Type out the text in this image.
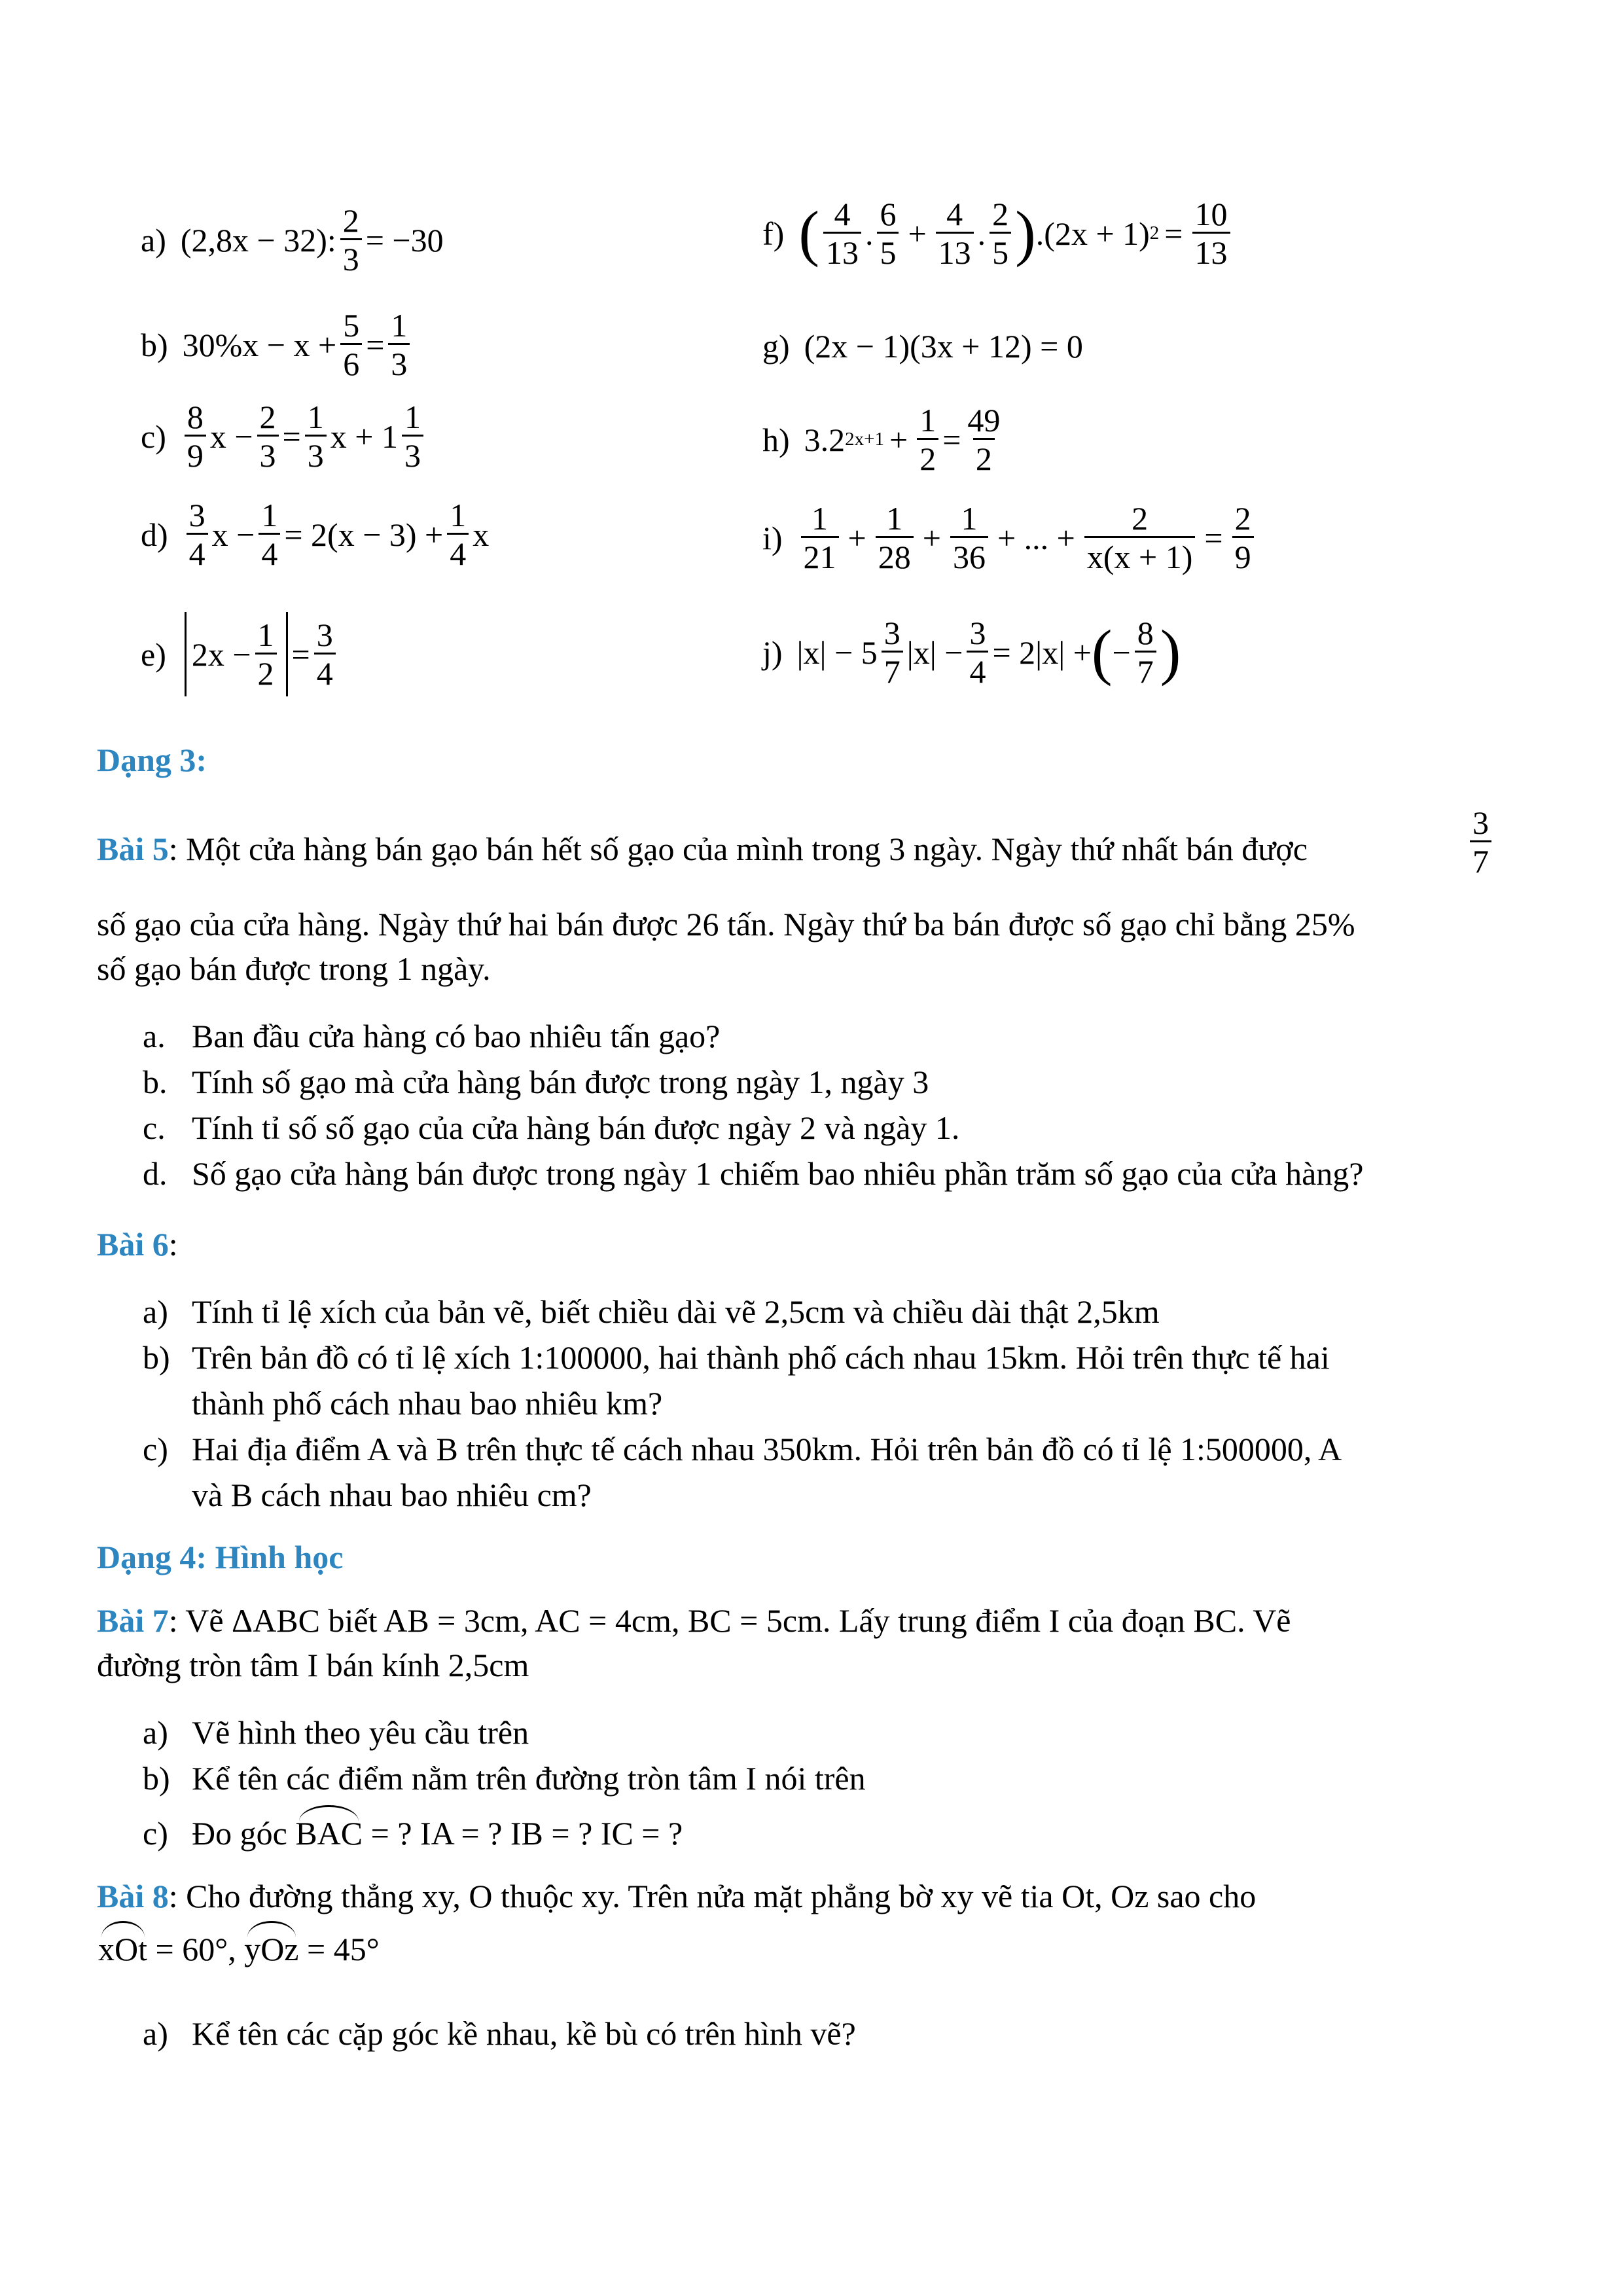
a) (2,8x − 32): $\frac{2}{3} = -30$
b) $30\%x - x + \frac{5}{6} = \frac{1}{3}$
$c) \frac{8}{9}$ $x - \frac{2}{3} = \frac{1}{3}$ $x + 1 \frac{1}{3}$
$d) \frac{3}{4}$ $x - \frac{1}{4} = 2(x - 3) + \frac{1}{4}$ x
e) $2x - \frac{1}{2} = \frac{3}{4}$
f) ( $\frac{4}{13}$ . $\frac{6}{5} + \frac{4}{13}$ . $\frac{2}{5}$ ) .(2x + 1) $2 = \frac{10}{13}$
g) (2x − 1)(3x + 12) = 0
h) 3.2 $2x+1 + \frac{1}{2} = \frac{49}{2}$
$i) \frac{1}{21} + \frac{1}{28} + \frac{1}{36}$ + ... + $\frac{2}{x(x + 1)} = \frac{2}{9}$
j) $|x| - 5 \frac{3}{7} |x| - \frac{3}{4} = 2|x|$ + ( − $\frac{8}{7}$ )
Dạng 3:
Bài 5: Một cửa hàng bán gạo bán hết số gạo của mình trong 3 ngày. Ngày thứ nhất bán được	$\frac{3}{7}$
số gạo của cửa hàng. Ngày thứ hai bán được 26 tấn. Ngày thứ ba bán được số gạo chỉ bằng 25%
số gạo bán được trong 1 ngày.
a. Ban đầu cửa hàng có bao nhiêu tấn gạo?
b. Tính số gạo mà cửa hàng bán được trong ngày 1, ngày 3
c. Tính tỉ số số gạo của cửa hàng bán được ngày 2 và ngày 1.
d. Số gạo cửa hàng bán được trong ngày 1 chiếm bao nhiêu phần trăm số gạo của cửa hàng?
Bài 6:
a) Tính tỉ lệ xích của bản vẽ, biết chiều dài vẽ 2,5cm và chiều dài thật 2,5km
b) Trên bản đồ có tỉ lệ xích 1:100000, hai thành phố cách nhau 15km. Hỏi trên thực tế hai
thành phố cách nhau bao nhiêu km?
c) Hai địa điểm A và B trên thực tế cách nhau 350km. Hỏi trên bản đồ có tỉ lệ 1:500000, A
và B cách nhau bao nhiêu cm?
Dạng 4: Hình học
Bài 7: Vẽ ΔABC biết AB = 3cm, AC = 4cm, BC = 5cm. Lấy trung điểm I của đoạn BC. Vẽ
đường tròn tâm I bán kính 2,5cm
a) Vẽ hình theo yêu cầu trên
b) Kể tên các điểm nằm trên đường tròn tâm I nói trên
c) Đo góc BAC = ? IA = ? IB = ? IC = ?
Bài 8: Cho đường thẳng xy, O thuộc xy. Trên nửa mặt phẳng bờ xy vẽ tia Ot, Oz sao cho
xOt = 60°, yOz = 45°
a) Kể tên các cặp góc kề nhau, kề bù có trên hình vẽ?
